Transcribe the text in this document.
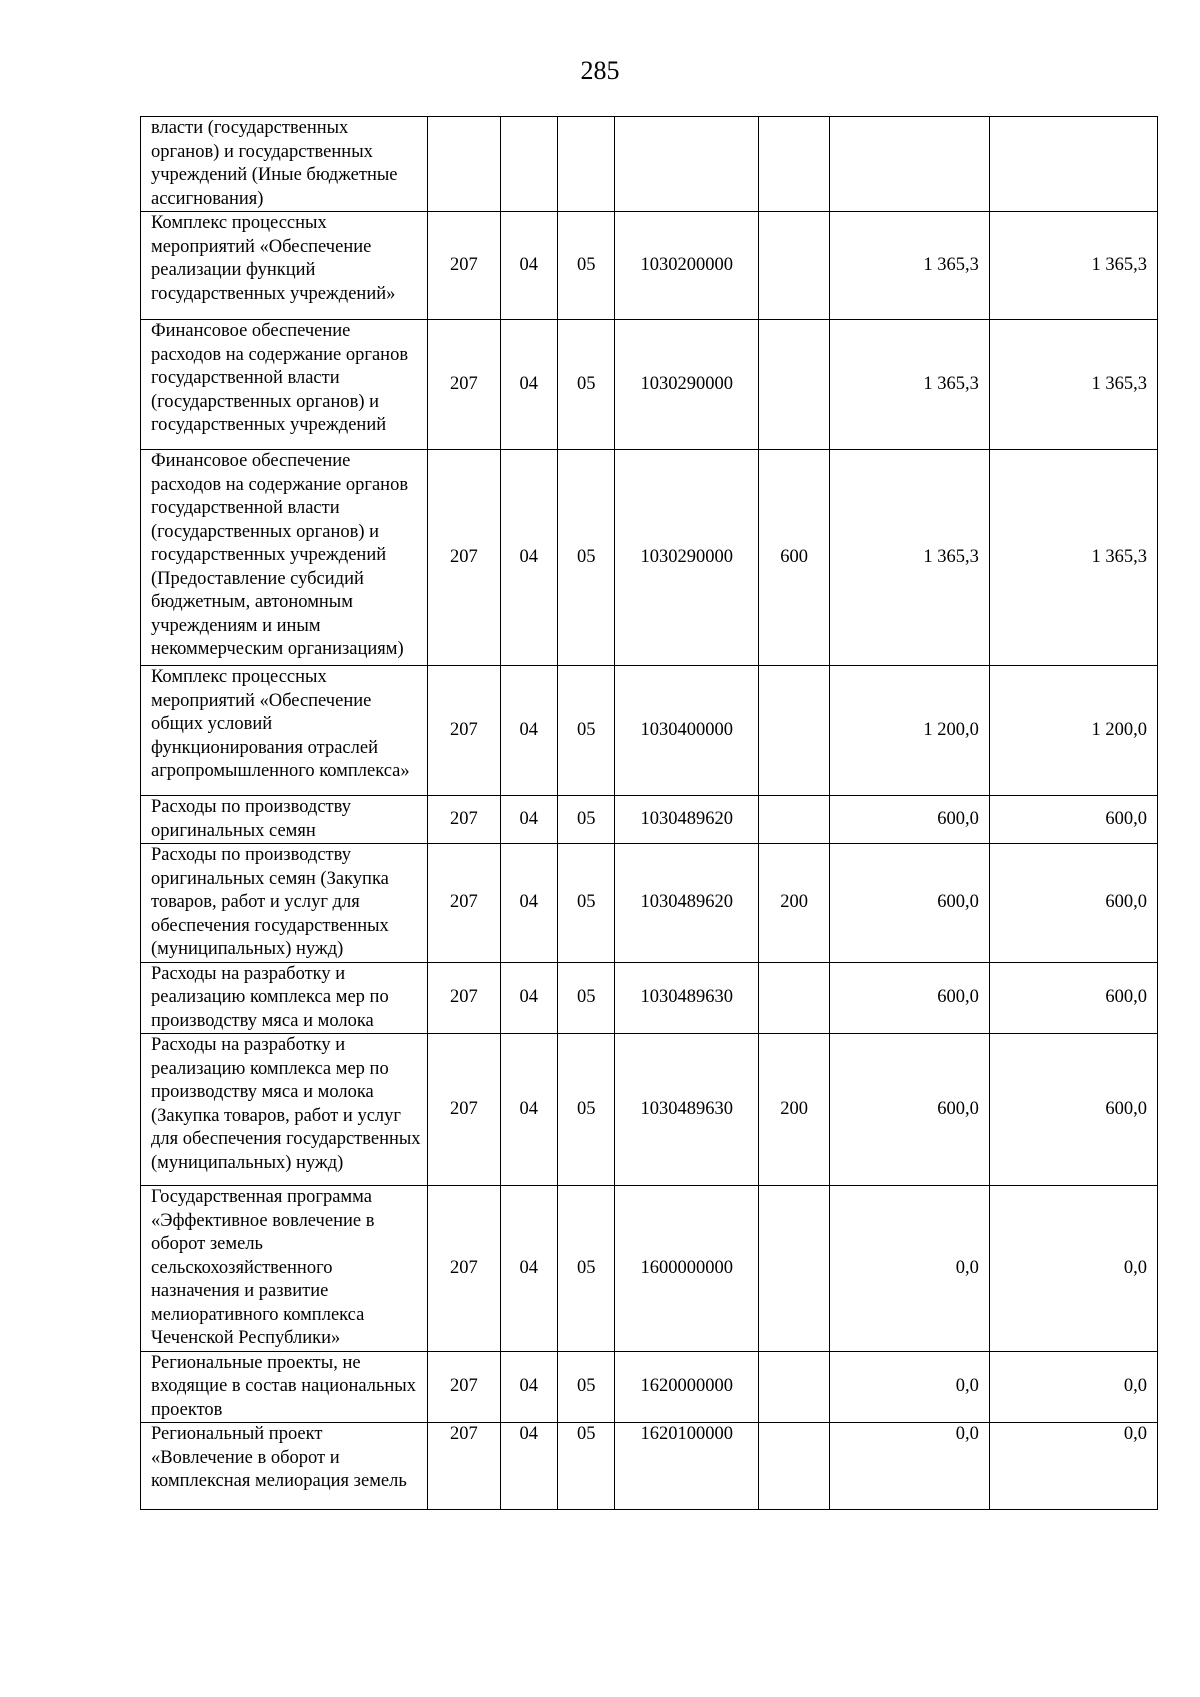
285
власти (государственных органов) и государственных учреждений (Иные бюджетные ассигнования)							
Комплекс процессных мероприятий «Обеспечение реализации функций государственных учреждений»	207	04	05	1030200000		1 365,3	1 365,3
Финансовое обеспечение расходов на содержание органов государственной власти (государственных органов) и государственных учреждений	207	04	05	1030290000		1 365,3	1 365,3
Финансовое обеспечение расходов на содержание органов государственной власти (государственных органов) и государственных учреждений (Предоставление субсидий бюджетным, автономным учреждениям и иным некоммерческим организациям)	207	04	05	1030290000	600	1 365,3	1 365,3
Комплекс процессных мероприятий «Обеспечение общих условий функционирования отраслей агропромышленного комплекса»	207	04	05	1030400000		1 200,0	1 200,0
Расходы по производству оригинальных семян	207	04	05	1030489620		600,0	600,0
Расходы по производству оригинальных семян (Закупка товаров, работ и услуг для обеспечения государственных (муниципальных) нужд)	207	04	05	1030489620	200	600,0	600,0
Расходы на разработку и реализацию комплекса мер по производству мяса и молока	207	04	05	1030489630		600,0	600,0
Расходы на разработку и реализацию комплекса мер по производству мяса и молока (Закупка товаров, работ и услуг для обеспечения государственных (муниципальных) нужд)	207	04	05	1030489630	200	600,0	600,0
Государственная программа «Эффективное вовлечение в оборот земель сельскохозяйственного назначения и развитие мелиоративного комплекса Чеченской Республики»	207	04	05	1600000000		0,0	0,0
Региональные проекты, не входящие в состав национальных проектов	207	04	05	1620000000		0,0	0,0
Региональный проект «Вовлечение в оборот и комплексная мелиорация земель	207	04	05	1620100000		0,0	0,0
